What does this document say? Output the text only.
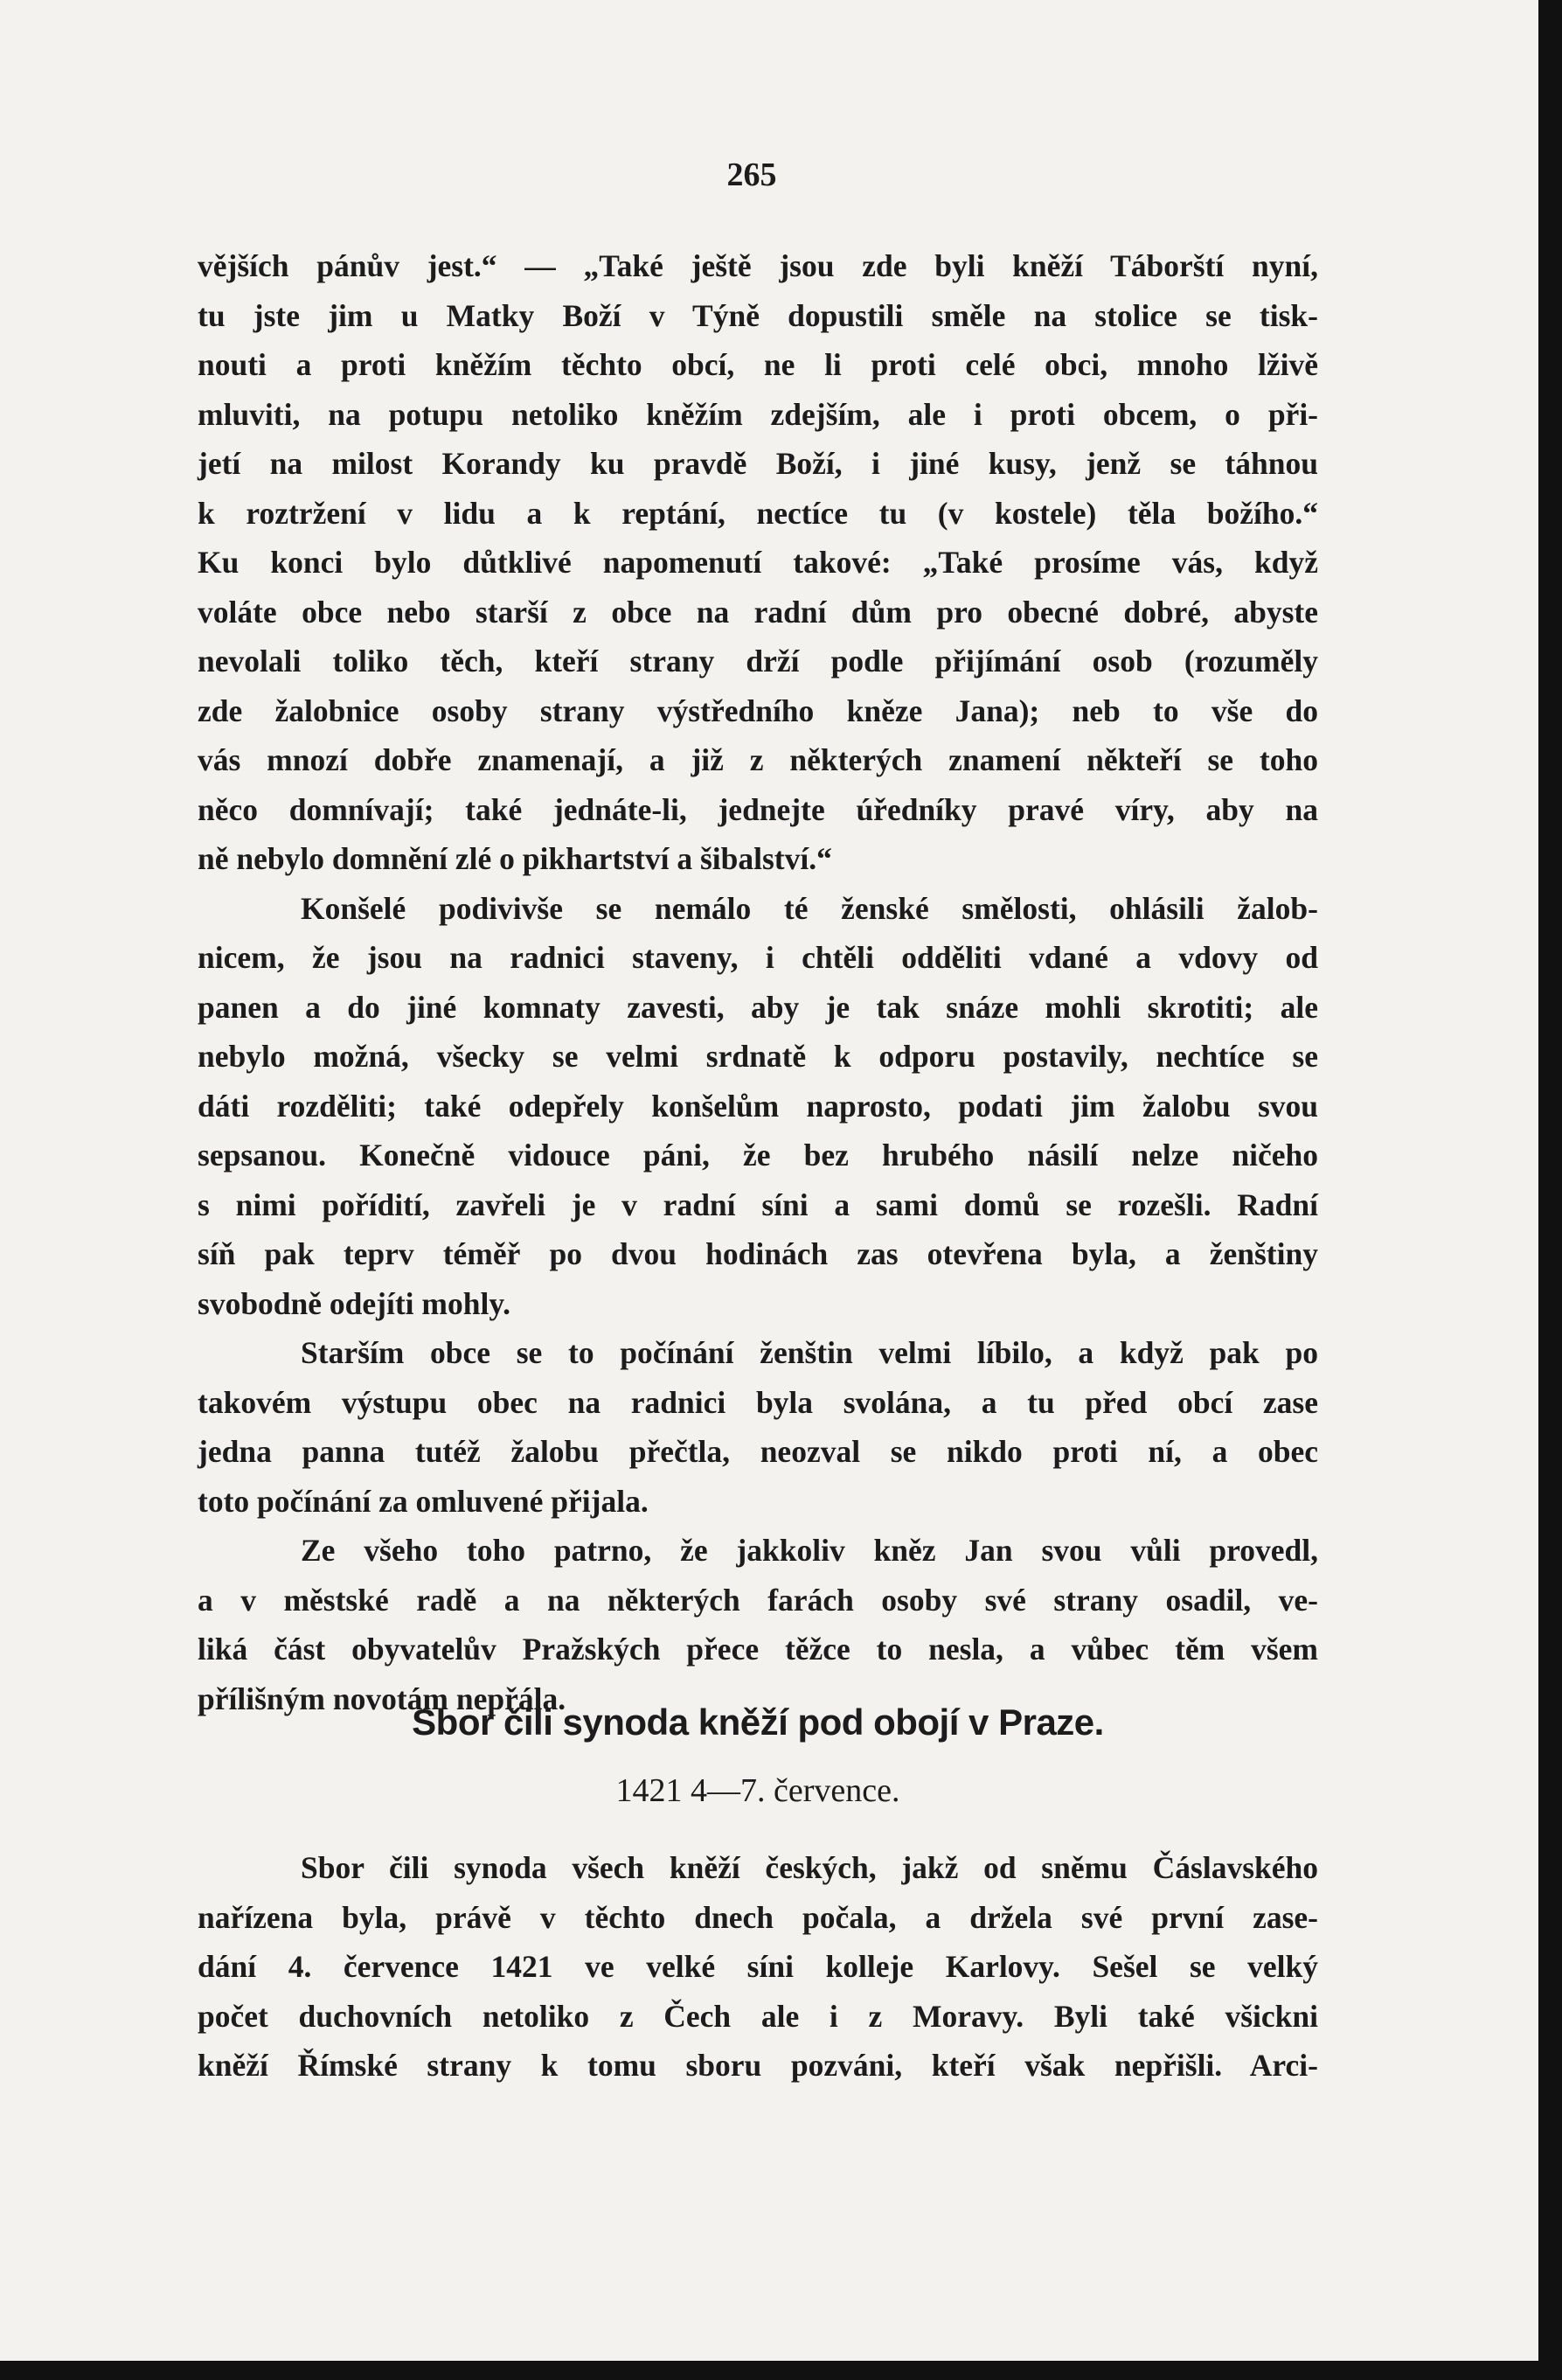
265
vějších pánův jest.“ — „Také ještě jsou zde byli kněží Táborští nyní,
tu jste jim u Matky Boží v Týně dopustili směle na stolice se tisk-
nouti a proti kněžím těchto obcí, ne li proti celé obci, mnoho lživě
mluviti, na potupu netoliko kněžím zdejším, ale i proti obcem, o při-
jetí na milost Korandy ku pravdě Boží, i jiné kusy, jenž se táhnou
k roztržení v lidu a k reptání, nectíce tu (v kostele) těla božího.“
Ku konci bylo důtklivé napomenutí takové: „Také prosíme vás, když
voláte obce nebo starší z obce na radní dům pro obecné dobré, abyste
nevolali toliko těch, kteří strany drží podle přijímání osob (rozuměly
zde žalobnice osoby strany výstředního kněze Jana); neb to vše do
vás mnozí dobře znamenají, a již z některých znamení někteří se toho
něco domnívají; také jednáte-li, jednejte úředníky pravé víry, aby na
ně nebylo domnění zlé o pikhartství a šibalství.“
Konšelé podivivše se nemálo té ženské smělosti, ohlásili žalob-
nicem, že jsou na radnici staveny, i chtěli odděliti vdané a vdovy od
panen a do jiné komnaty zavesti, aby je tak snáze mohli skrotiti; ale
nebylo možná, všecky se velmi srdnatě k odporu postavily, nechtíce se
dáti rozděliti; také odepřely konšelům naprosto, podati jim žalobu svou
sepsanou. Konečně vidouce páni, že bez hrubého násilí nelze ničeho
s nimi pořídití, zavřeli je v radní síni a sami domů se rozešli. Radní
síň pak teprv téměř po dvou hodinách zas otevřena byla, a ženštiny
svobodně odejíti mohly.
Starším obce se to počínání ženštin velmi líbilo, a když pak po
takovém výstupu obec na radnici byla svolána, a tu před obcí zase
jedna panna tutéž žalobu přečtla, neozval se nikdo proti ní, a obec
toto počínání za omluvené přijala.
Ze všeho toho patrno, že jakkoliv kněz Jan svou vůli provedl,
a v městské radě a na některých farách osoby své strany osadil, ve-
liká část obyvatelův Pražských přece těžce to nesla, a vůbec těm všem
přílišným novotám nepřála.
Sbor čili synoda kněží pod obojí v Praze.
1421 4—7. července.
Sbor čili synoda všech kněží českých, jakž od sněmu Čáslavského
nařízena byla, právě v těchto dnech počala, a držela své první zase-
dání 4. července 1421 ve velké síni kolleje Karlovy. Sešel se velký
počet duchovních netoliko z Čech ale i z Moravy. Byli také všickni
kněží Římské strany k tomu sboru pozváni, kteří však nepřišli. Arci-
